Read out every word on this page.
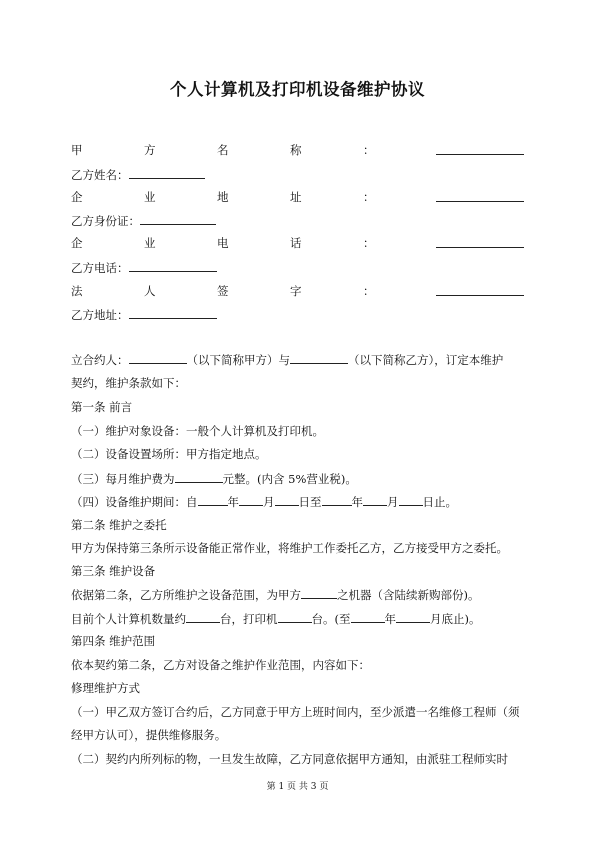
个人计算机及打印机设备维护协议
甲	方	名	称	：
乙方姓名：
企	业	地	址	：
乙方身份证：
企	业	电	话	：
乙方电话：
法	人	签	字	：
乙方地址：
立合约人：	（以下简称甲方）与	（以下简称乙方），订定本维护
契约，维护条款如下：
第一条 前言
（一）维护对象设备：一般个人计算机及打印机。
（二）设备设置场所：甲方指定地点。
（三）每月维护费为	元整。(内含 5%营业税)。
（四）设备维护期间：自	年 月 日至	年 月 日止。
第二条 维护之委托
甲方为保持第三条所示设备能正常作业，将维护工作委托乙方，乙方接受甲方之委托。
第三条 维护设备
依据第二条，乙方所维护之设备范围，为甲方	之机器（含陆续新购部份)。
目前个人计算机数量约	台，打印机	台。(至	年	月底止)。
第四条 维护范围
依本契约第二条，乙方对设备之维护作业范围，内容如下：
修理维护方式
（一）甲乙双方签订合约后，乙方同意于甲方上班时间内，至少派遣一名维修工程师（须
经甲方认可），提供维修服务。
（二）契约内所列标的物，一旦发生故障，乙方同意依据甲方通知，由派驻工程师实时
第 1 页 共 3 页
